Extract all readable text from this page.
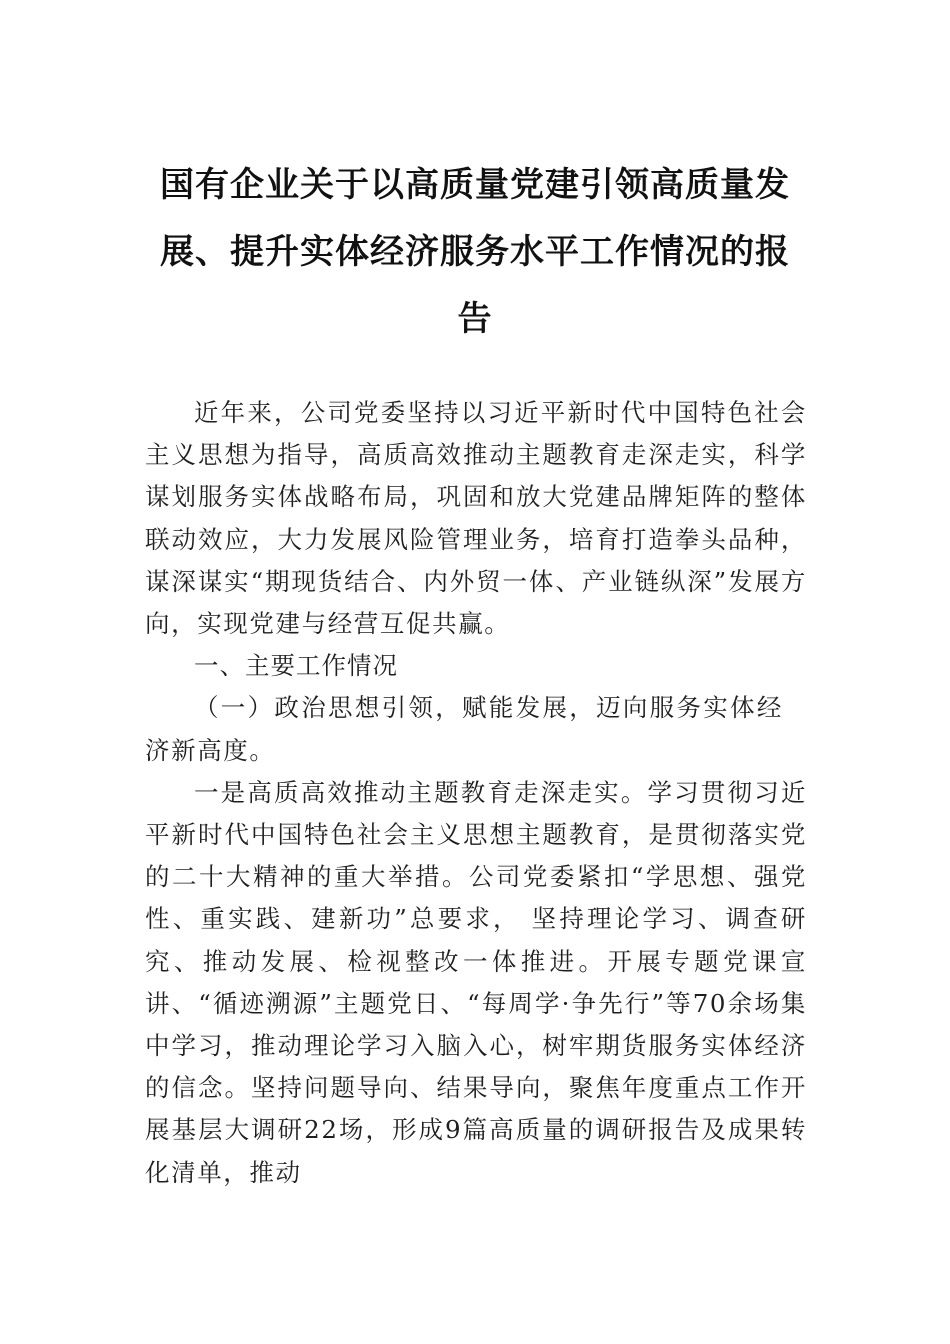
国有企业关于以高质量党建引领高质量发展、提升实体经济服务水平工作情况的报告

近年来，公司党委坚持以习近平新时代中国特色社会主义思想为指导，高质高效推动主题教育走深走实，科学谋划服务实体战略布局，巩固和放大党建品牌矩阵的整体联动效应，大力发展风险管理业务，培育打造拳头品种，谋深谋实“期现货结合、内外贸一体、产业链纵深”发展方向，实现党建与经营互促共赢。

一、主要工作情况

（一）政治思想引领，赋能发展，迈向服务实体经济新高度。

一是高质高效推动主题教育走深走实。学习贯彻习近平新时代中国特色社会主义思想主题教育，是贯彻落实党的二十大精神的重大举措。公司党委紧扣“学思想、强党性、重实践、建新功”总要求， 坚持理论学习、调查研究、推动发展、检视整改一体推进。开展专题党课宣讲、“循迹溯源”主题党日、“每周学·争先行”等70余场集中学习，推动理论学习入脑入心，树牢期货服务实体经济的信念。坚持问题导向、结果导向，聚焦年度重点工作开展基层大调研22场，形成9篇高质量的调研报告及成果转化清单，推动
